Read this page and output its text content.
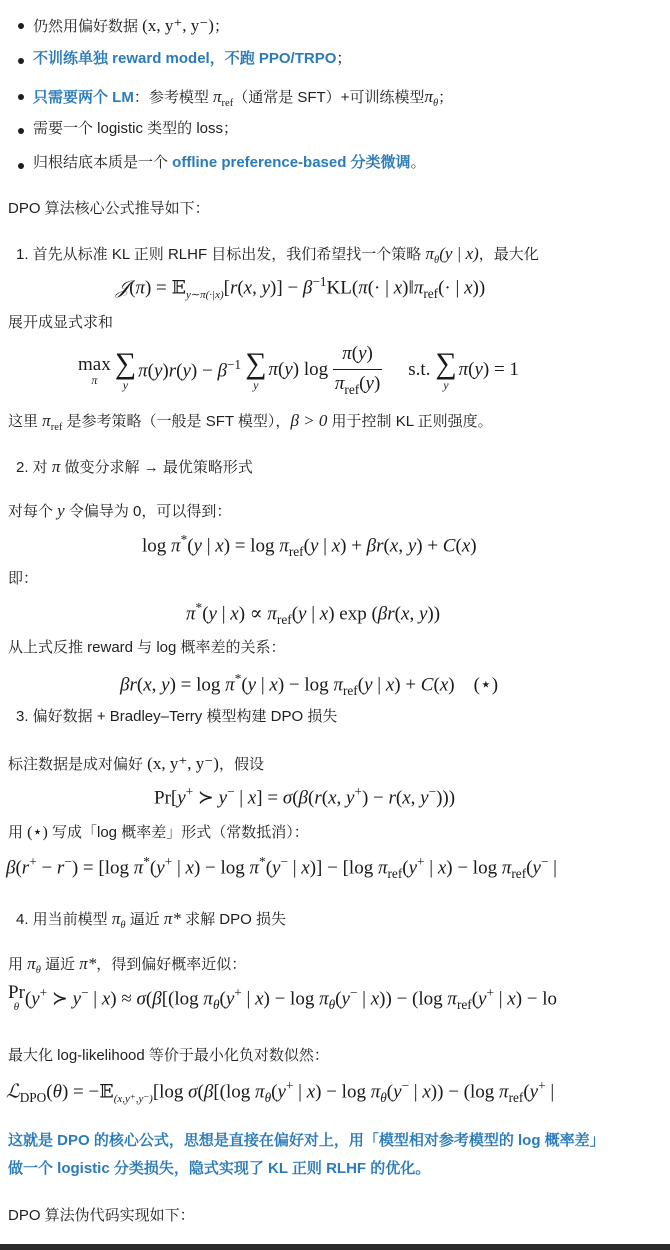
仍然用偏好数据 (x, y⁺, y⁻)；
不训练单独 reward model，不跑 PPO/TRPO；
只需要两个 LM：参考模型 $\pi_{ref}$（通常是 SFT）+可训练模型$\pi_\theta$；
需要一个 logistic 类型的 loss；
归根结底本质是一个 offline preference-based 分类微调。
DPO 算法核心公式推导如下：
1. 首先从标准 KL 正则 RLHF 目标出发，我们希望找一个策略 $\pi_\theta(y$ | x)，最大化
𝒥(π) = 𝔼$_{y\sim\pi(\cdot|x)}$[r(x, $y)] - \beta^{-1}KL(\pi(\cdot$ | $x)‖\pi_{ref}(\cdot$ | x))
展开成显式求和
max
π ∑
y
$\pi(y)r(y) - \beta^{-1}$ ∑
y
π(y) $\log \frac{\pi(y)}{\pi_{ref}(y)} s.t$. ∑
y
π(y) = 1
这里 $\pi_{ref}$ 是参考策略（一般是 SFT 模型），β > 0 用于控制 KL 正则强度。
2. 对 π 做变分求解 → 最优策略形式
对每个 y 令偏导为 0，可以得到：
log π*(y | $x) = \log \pi_{ref}(y$ | x) + βr(x, y) + C(x)
即：
π*(y | $x) \propto \pi_{ref}(y$ | x) exp (βr(x, y))
从上式反推 reward 与 log 概率差的关系：
βr(x, y) = log π*(y | $x) - \log \pi_{ref}(y$ | x) + C(x)    (⋆)
3. 偏好数据 + Bradley–Terry 模型构建 DPO 损失
标注数据是成对偏好 (x, y⁺, y⁻)，假设
Pr[y+ ≻ y− | x] = σ(β(r(x, y+) − r(x, y−)))
用 (⋆) 写成「log 概率差」形式（常数抵消）：
β(r+ − r−) = [log π*(y+ | x) − log π*(y− | x)] − [log $\pi_{ref}(y^+$ | $x) - \log \pi_{ref}(y^-$ |
4. 用当前模型 $\pi_\theta$ 逼近 π* 求解 DPO 损失
用 $\pi_\theta$ 逼近 π*，得到偏好概率近似：
Pr
θ (y+ ≻ y− | x) ≈ σ(β[(log $\pi_\theta(y^+$ | $x) - \log \pi_\theta(y^-$ | x)) − (log $\pi_{ref}(y^+$ | x) − lo
最大化 log-likelihood 等价于最小化负对数似然：
ℒ$_{DPO}$(θ) = −𝔼$_{(x,y^+,y^-)}$[log σ(β[(log $\pi_\theta(y^+$ | $x) - \log \pi_\theta(y^-$ | x)) − (log $\pi_{ref}(y^+$ |
这就是 DPO 的核心公式，思想是直接在偏好对上，用「模型相对参考模型的 log 概率差」
做一个 logistic 分类损失，隐式实现了 KL 正则 RLHF 的优化。
DPO 算法伪代码实现如下：
